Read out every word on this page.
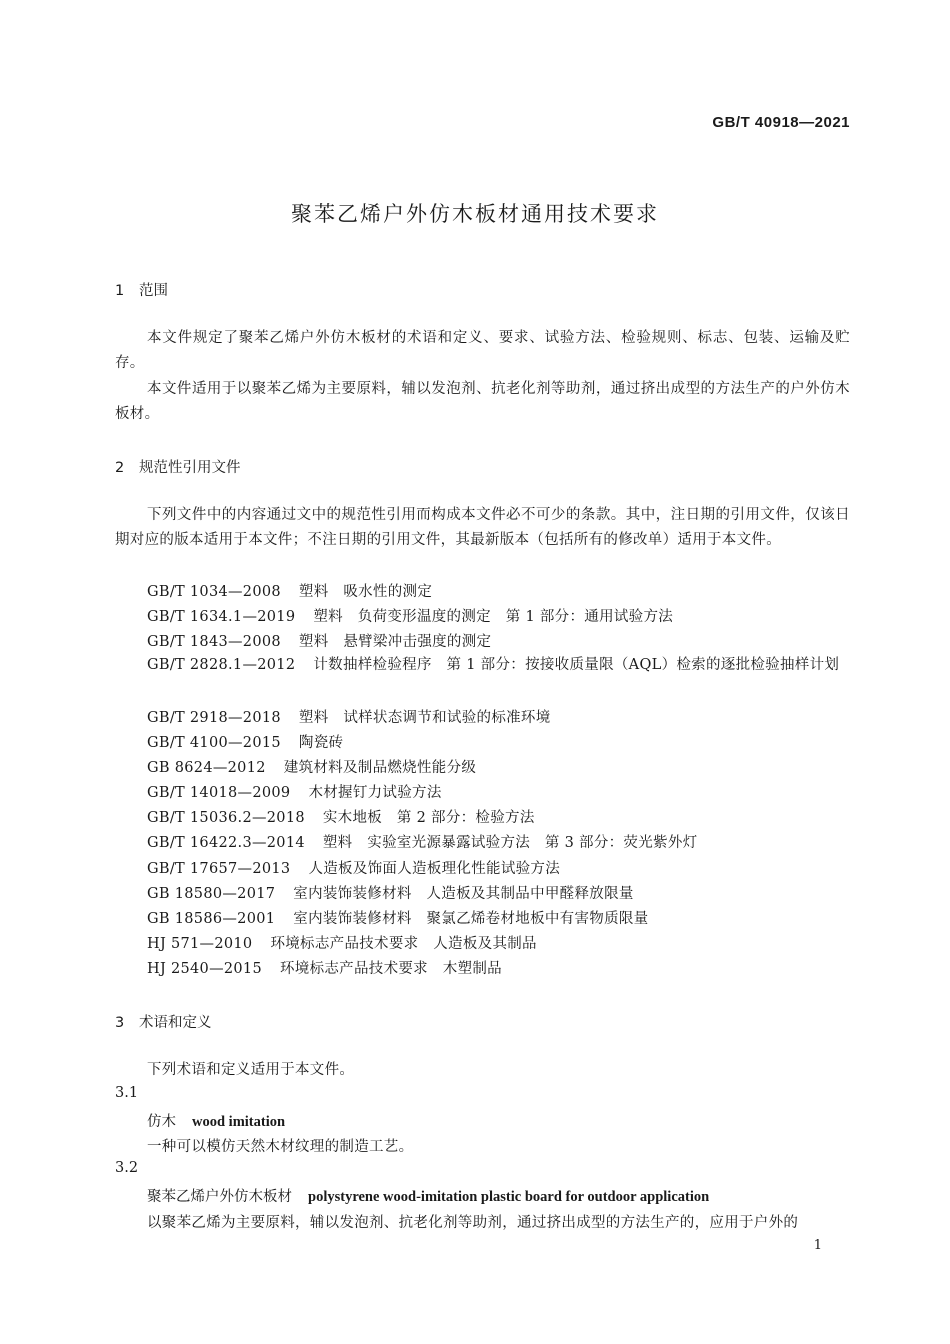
GB/T 40918—2021
聚苯乙烯户外仿木板材通用技术要求
1 范围
本文件规定了聚苯乙烯户外仿木板材的术语和定义、要求、试验方法、检验规则、标志、包装、运输及贮存。
本文件适用于以聚苯乙烯为主要原料，辅以发泡剂、抗老化剂等助剂，通过挤出成型的方法生产的户外仿木板材。
2 规范性引用文件
下列文件中的内容通过文中的规范性引用而构成本文件必不可少的条款。其中，注日期的引用文件，仅该日期对应的版本适用于本文件；不注日期的引用文件，其最新版本（包括所有的修改单）适用于本文件。
GB/T 1034—2008 塑料　吸水性的测定
GB/T 1634.1—2019 塑料　负荷变形温度的测定　第 1 部分：通用试验方法
GB/T 1843—2008 塑料　悬臂梁冲击强度的测定
GB/T 2828.1—2012 计数抽样检验程序　第 1 部分：按接收质量限（AQL）检索的逐批检验抽样计划
GB/T 2918—2018 塑料　试样状态调节和试验的标准环境
GB/T 4100—2015 陶瓷砖
GB 8624—2012 建筑材料及制品燃烧性能分级
GB/T 14018—2009 木材握钉力试验方法
GB/T 15036.2—2018 实木地板　第 2 部分：检验方法
GB/T 16422.3—2014 塑料　实验室光源暴露试验方法　第 3 部分：荧光紫外灯
GB/T 17657—2013 人造板及饰面人造板理化性能试验方法
GB 18580—2017 室内装饰装修材料　人造板及其制品中甲醛释放限量
GB 18586—2001 室内装饰装修材料　聚氯乙烯卷材地板中有害物质限量
HJ 571—2010 环境标志产品技术要求　人造板及其制品
HJ 2540—2015 环境标志产品技术要求　木塑制品
3 术语和定义
下列术语和定义适用于本文件。
3.1
仿木 wood imitation
一种可以模仿天然木材纹理的制造工艺。
3.2
聚苯乙烯户外仿木板材 polystyrene wood-imitation plastic board for outdoor application
以聚苯乙烯为主要原料，辅以发泡剂、抗老化剂等助剂，通过挤出成型的方法生产的，应用于户外的
1
